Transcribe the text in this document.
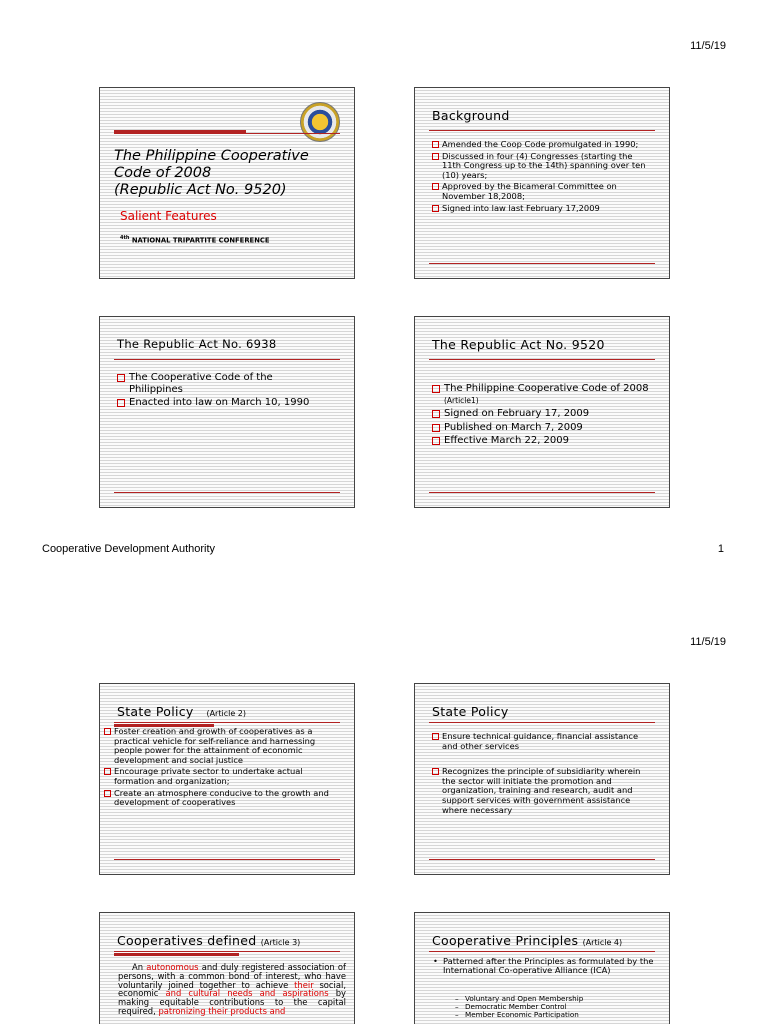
11/5/19
The Philippine Cooperative
Code of 2008
(Republic Act No. 9520)
Salient Features
$^{4th}$ NATIONAL TRIPARTITE CONFERENCE
Background
Amended the Coop Code promulgated in 1990;
Discussed in four (4) Congresses (starting the 11th Congress up to the 14th) spanning over ten (10) years;
Approved by the Bicameral Committee on November 18,2008;
Signed into law last February 17,2009
The Republic Act No. 6938
The Cooperative Code of the Philippines
Enacted into law on March 10, 1990
The Republic Act No. 9520
The Philippine Cooperative Code of 2008 (Article1)
Signed on February 17, 2009
Published on March 7, 2009
Effective March 22, 2009
Cooperative Development Authority	1
11/5/19
State Policy (Article 2)
Foster creation and growth of cooperatives as a practical vehicle for self-reliance and harnessing people power for the attainment of economic development and social justice
Encourage private sector to undertake actual formation and organization;
Create an atmosphere conducive to the growth and development of cooperatives
State Policy
Ensure technical guidance, financial assistance and other services
Recognizes the principle of subsidiarity wherein the sector will initiate the promotion and organization, training and research, audit and support services with government assistance where necessary
Cooperatives defined (Article 3)
An autonomous and duly registered association of persons, with a common bond of interest, who have voluntarily joined together to achieve their social, economic and cultural needs and aspirations by making equitable contributions to the capital required, patronizing their products and
Cooperative Principles (Article 4)
• Patterned after the Principles as formulated by the International Co-operative Alliance (ICA)
– Voluntary and Open Membership
– Democratic Member Control
– Member Economic Participation
